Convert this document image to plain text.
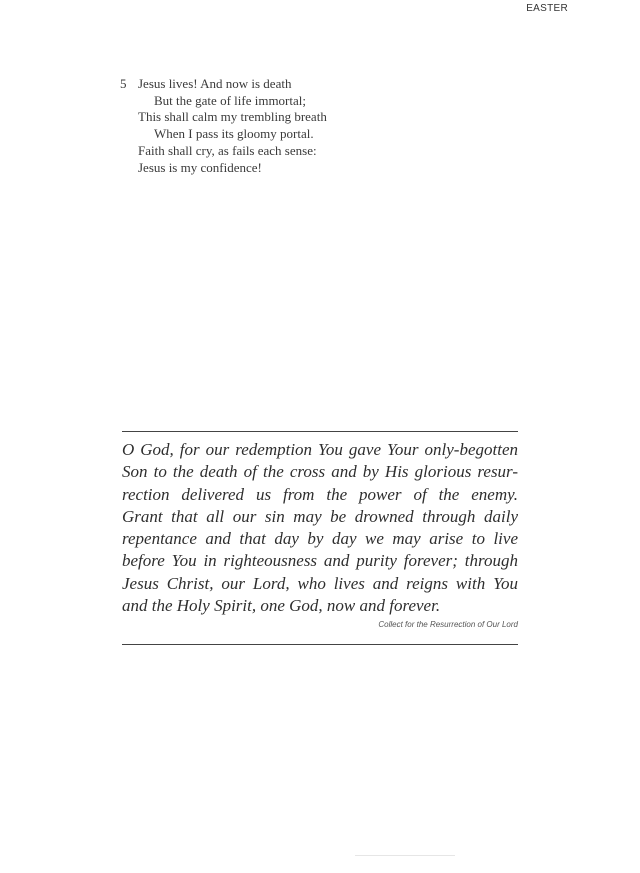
EASTER
5 Jesus lives! And now is death
But the gate of life immortal;
This shall calm my trembling breath
When I pass its gloomy portal.
Faith shall cry, as fails each sense:
Jesus is my confidence!
O God, for our redemption You gave Your only-begotten
Son to the death of the cross and by His glorious resur-
rection delivered us from the power of the enemy.
Grant that all our sin may be drowned through daily
repentance and that day by day we may arise to live
before You in righteousness and purity forever; through
Jesus Christ, our Lord, who lives and reigns with You
and the Holy Spirit, one God, now and forever.
Collect for the Resurrection of Our Lord
